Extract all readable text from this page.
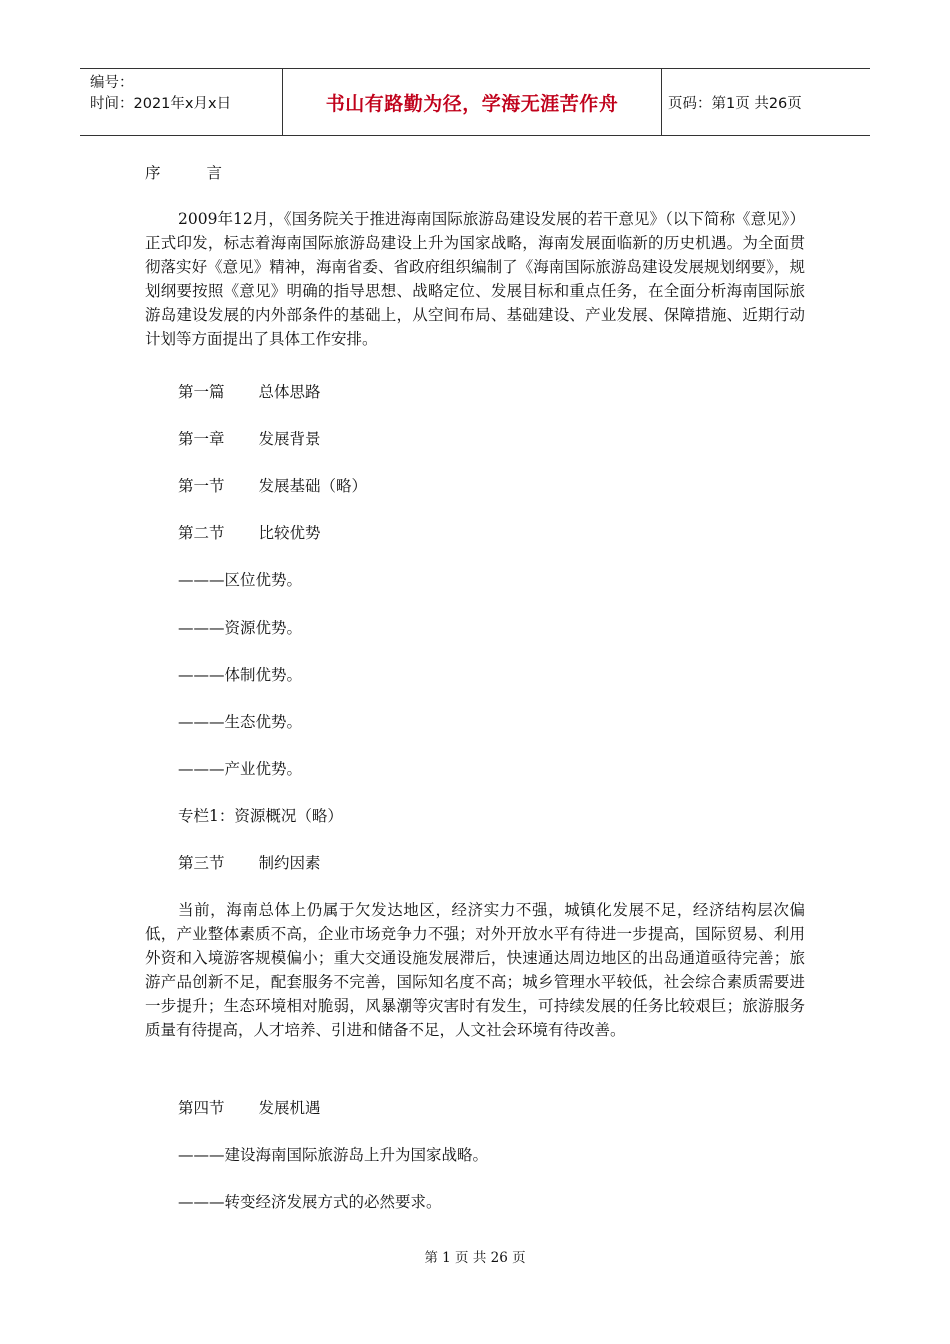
编号：
时间：2021年x月x日	书山有路勤为径，学海无涯苦作舟	页码：第1页 共26页
序	言

2009年12月，《国务院关于推进海南国际旅游岛建设发展的若干意见》（以下简称《意见》）正式印发，标志着海南国际旅游岛建设上升为国家战略，海南发展面临新的历史机遇。为全面贯彻落实好《意见》精神，海南省委、省政府组织编制了《海南国际旅游岛建设发展规划纲要》，规划纲要按照《意见》明确的指导思想、战略定位、发展目标和重点任务，在全面分析海南国际旅游岛建设发展的内外部条件的基础上，从空间布局、基础建设、产业发展、保障措施、近期行动计划等方面提出了具体工作安排。

第一篇 总体思路
第一章 发展背景
第一节 发展基础（略）
第二节 比较优势
———区位优势。
———资源优势。
———体制优势。
———生态优势。
———产业优势。
专栏1：资源概况（略）
第三节 制约因素

当前，海南总体上仍属于欠发达地区，经济实力不强，城镇化发展不足，经济结构层次偏低，产业整体素质不高，企业市场竞争力不强；对外开放水平有待进一步提高，国际贸易、利用外资和入境游客规模偏小；重大交通设施发展滞后，快速通达周边地区的出岛通道亟待完善；旅游产品创新不足，配套服务不完善，国际知名度不高；城乡管理水平较低，社会综合素质需要进一步提升；生态环境相对脆弱，风暴潮等灾害时有发生，可持续发展的任务比较艰巨；旅游服务质量有待提高，人才培养、引进和储备不足，人文社会环境有待改善。

第四节 发展机遇
———建设海南国际旅游岛上升为国家战略。
———转变经济发展方式的必然要求。
第 1 页 共 26 页
